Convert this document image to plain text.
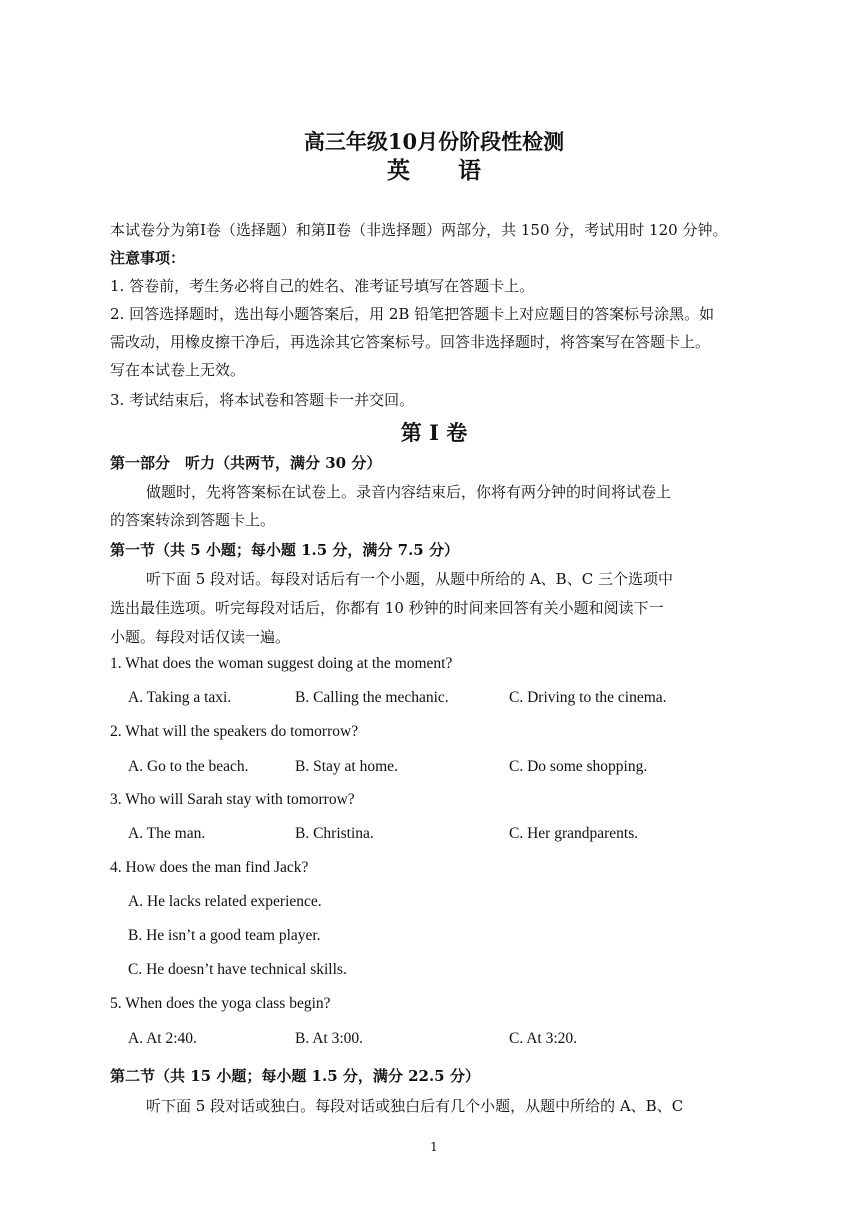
高三年级10月份阶段性检测
英 语
本试卷分为第Ⅰ卷（选择题）和第Ⅱ卷（非选择题）两部分，共 150 分，考试用时 120 分钟。
注意事项：
1. 答卷前，考生务必将自己的姓名、准考证号填写在答题卡上。
2. 回答选择题时，选出每小题答案后，用 2B 铅笔把答题卡上对应题目的答案标号涂黑。如
需改动，用橡皮擦干净后，再选涂其它答案标号。回答非选择题时，将答案写在答题卡上。
写在本试卷上无效。
3. 考试结束后，将本试卷和答题卡一并交回。
第 I 卷
第一部分　听力（共两节，满分 30 分）
做题时，先将答案标在试卷上。录音内容结束后，你将有两分钟的时间将试卷上
的答案转涂到答题卡上。
第一节（共 5 小题；每小题 1.5 分，满分 7.5 分）
听下面 5 段对话。每段对话后有一个小题，从题中所给的 A、B、C 三个选项中
选出最佳选项。听完每段对话后，你都有 10 秒钟的时间来回答有关小题和阅读下一
小题。每段对话仅读一遍。
1. What does the woman suggest doing at the moment?
A. Taking a taxi.	B. Calling the mechanic.	C. Driving to the cinema.
2. What will the speakers do tomorrow?
A. Go to the beach.	B. Stay at home.	C. Do some shopping.
3. Who will Sarah stay with tomorrow?
A. The man.	B. Christina.	C. Her grandparents.
4. How does the man find Jack?
A. He lacks related experience.
B. He isn’t a good team player.
C. He doesn’t have technical skills.
5. When does the yoga class begin?
A. At 2:40.	B. At 3:00.	C. At 3:20.
第二节（共 15 小题；每小题 1.5 分，满分 22.5 分）
听下面 5 段对话或独白。每段对话或独白后有几个小题，从题中所给的 A、B、C
1
